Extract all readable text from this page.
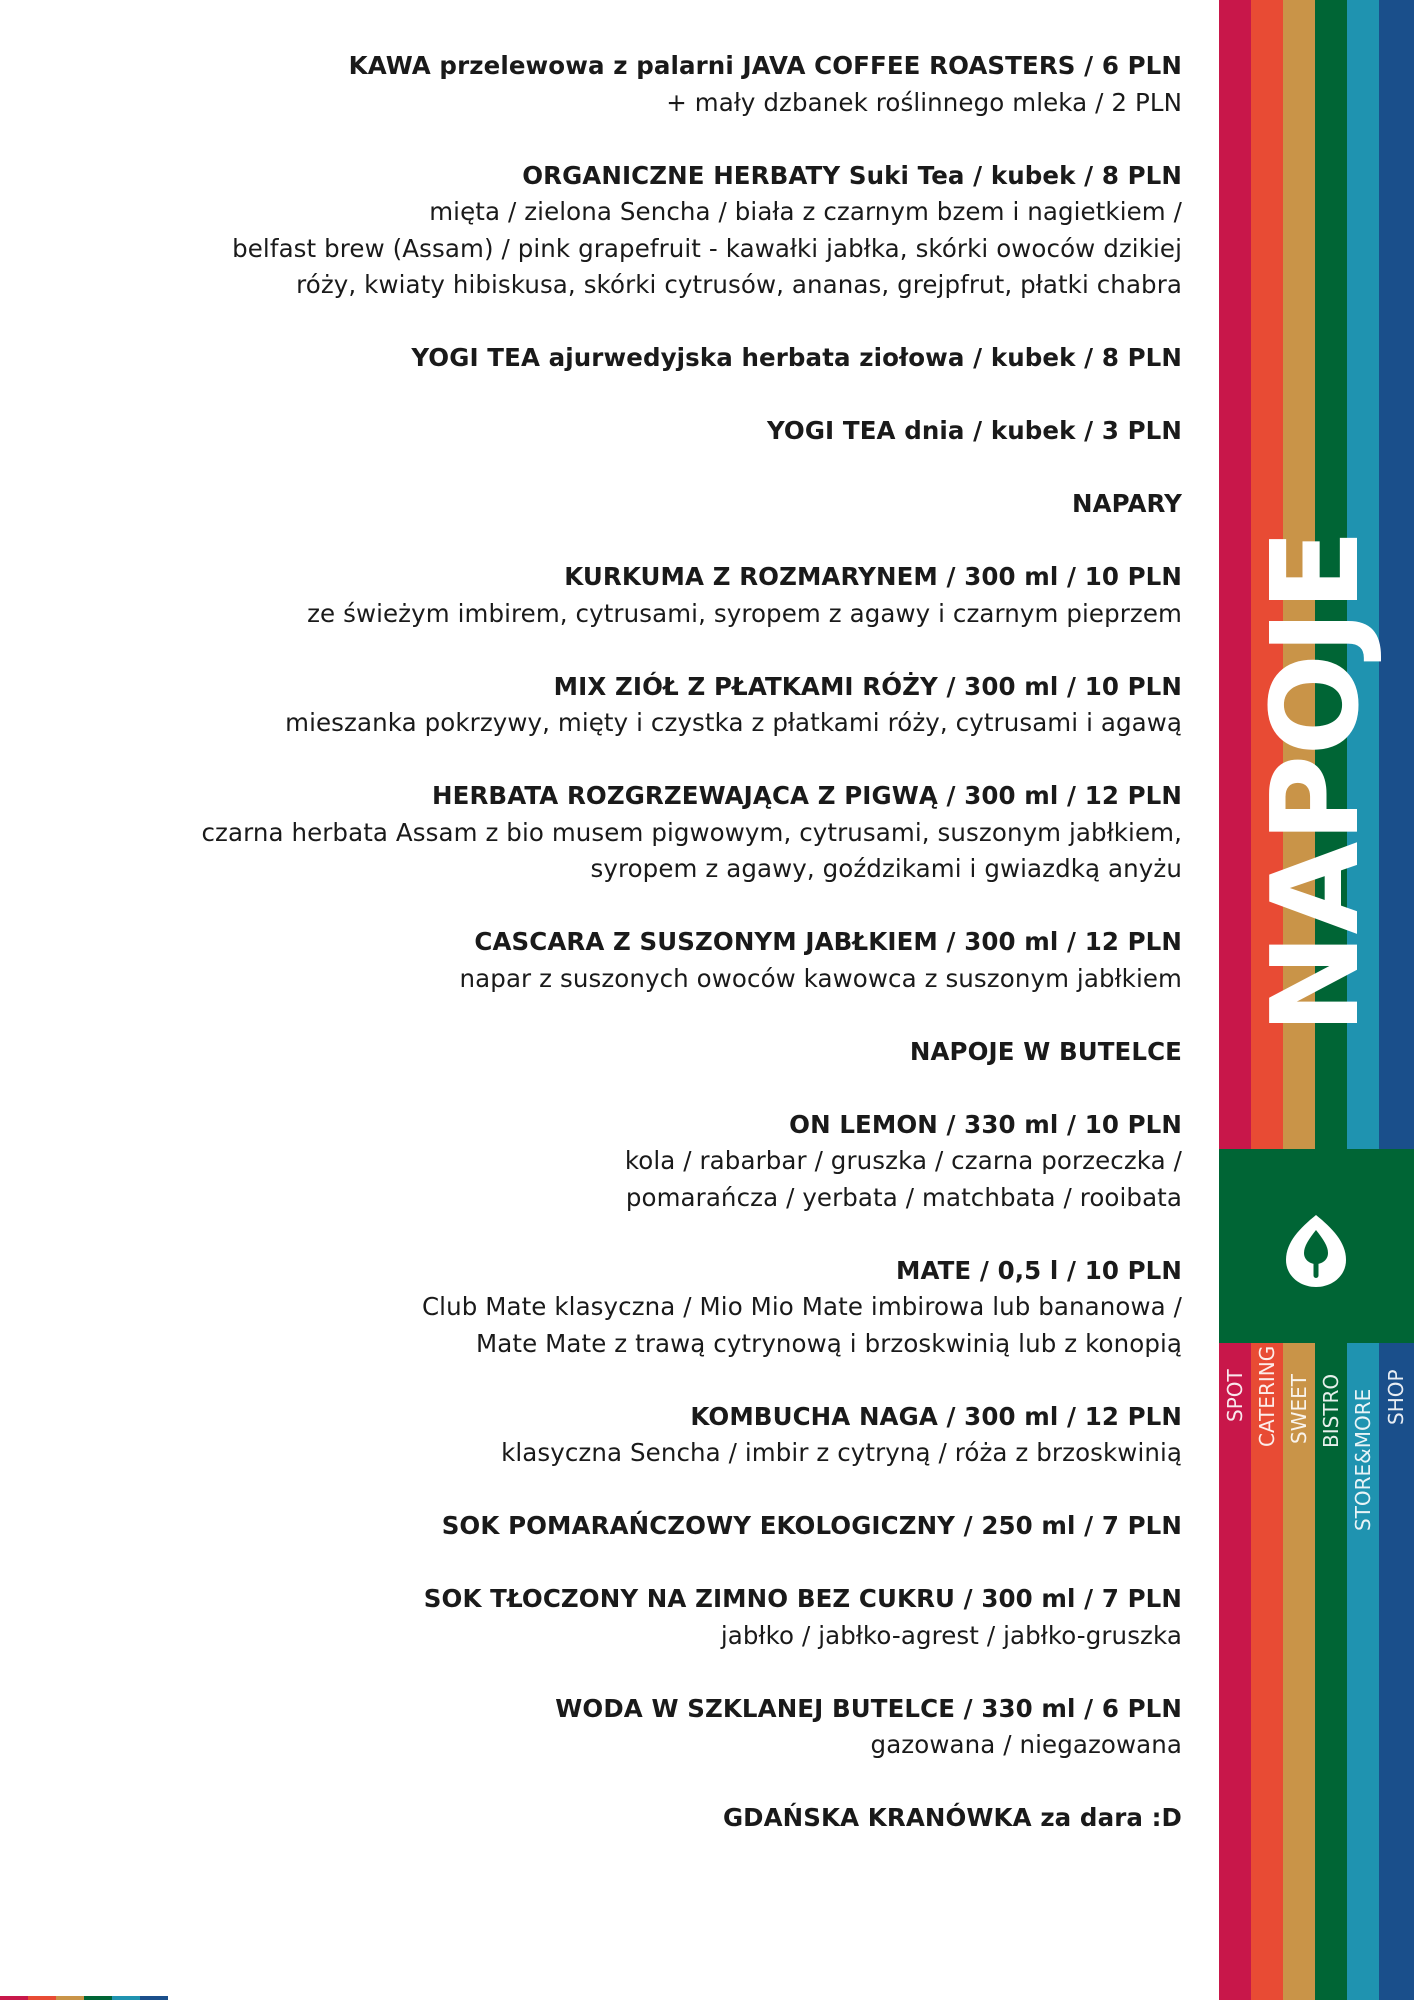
KAWA przelewowa z palarni JAVA COFFEE ROASTERS / 6 PLN
+ mały dzbanek roślinnego mleka / 2 PLN
ORGANICZNE HERBATY Suki Tea / kubek / 8 PLN
mięta / zielona Sencha / biała z czarnym bzem i nagietkiem /
belfast brew (Assam) / pink grapefruit - kawałki jabłka, skórki owoców dzikiej
róży, kwiaty hibiskusa, skórki cytrusów, ananas, grejpfrut, płatki chabra
YOGI TEA ajurwedyjska herbata ziołowa / kubek / 8 PLN
YOGI TEA dnia / kubek / 3 PLN
NAPARY
KURKUMA Z ROZMARYNEM / 300 ml / 10 PLN
ze świeżym imbirem, cytrusami, syropem z agawy i czarnym pieprzem
MIX ZIÓŁ Z PŁATKAMI RÓŻY / 300 ml / 10 PLN
mieszanka pokrzywy, mięty i czystka z płatkami róży, cytrusami i agawą
HERBATA ROZGRZEWAJĄCA Z PIGWĄ / 300 ml / 12 PLN
czarna herbata Assam z bio musem pigwowym, cytrusami, suszonym jabłkiem,
syropem z agawy, goździkami i gwiazdką anyżu
CASCARA Z SUSZONYM JABŁKIEM / 300 ml / 12 PLN
napar z suszonych owoców kawowca z suszonym jabłkiem
NAPOJE W BUTELCE
ON LEMON / 330 ml / 10 PLN
kola / rabarbar / gruszka / czarna porzeczka /
pomarańcza / yerbata / matchbata / rooibata
MATE / 0,5 l / 10 PLN
Club Mate klasyczna / Mio Mio Mate imbirowa lub bananowa /
Mate Mate z trawą cytrynową i brzoskwinią lub z konopią
KOMBUCHA NAGA / 300 ml / 12 PLN
klasyczna Sencha / imbir z cytryną / róża z brzoskwinią
SOK POMARAŃCZOWY EKOLOGICZNY / 250 ml / 7 PLN
SOK TŁOCZONY NA ZIMNO BEZ CUKRU / 300 ml / 7 PLN
jabłko / jabłko-agrest / jabłko-gruszka
WODA W SZKLANEJ BUTELCE / 330 ml / 6 PLN
gazowana / niegazowana
GDAŃSKA KRANÓWKA za dara :D
NAPOJE
SPOT CATERING SWEET BISTRO STORE&MORE SHOP
